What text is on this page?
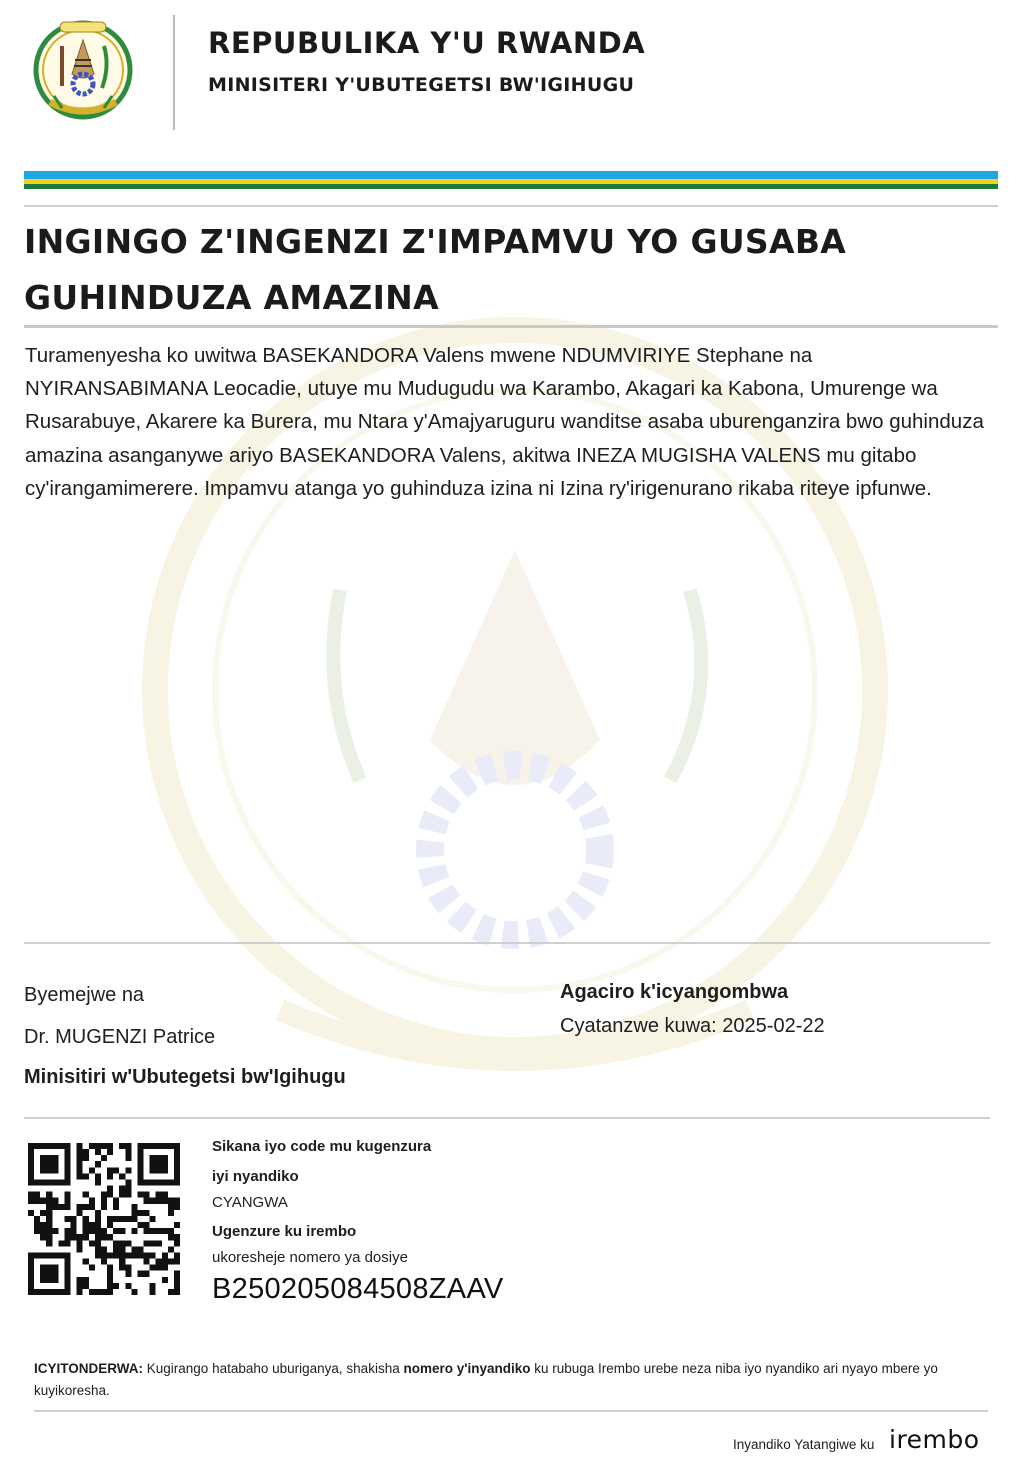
REPUBULIKA Y'U RWANDA
MINISITERI Y'UBUTEGETSI BW'IGIHUGU
INGINGO Z'INGENZI Z'IMPAMVU YO GUSABA GUHINDUZA AMAZINA
Turamenyesha ko uwitwa BASEKANDORA Valens mwene NDUMVIRIYE Stephane na NYIRANSABIMANA Leocadie, utuye mu Mudugudu wa Karambo, Akagari ka Kabona, Umurenge wa Rusarabuye, Akarere ka Burera, mu Ntara y'Amajyaruguru wanditse asaba uburenganzira bwo guhinduza amazina asanganywe ariyo BASEKANDORA Valens, akitwa INEZA MUGISHA VALENS mu gitabo cy'irangamimerere. Impamvu atanga yo guhinduza izina ni Izina ry'irigenurano rikaba riteye ipfunwe.
Byemejwe na
Dr. MUGENZI Patrice
Minisitiri w'Ubutegetsi bw'Igihugu
Agaciro k'icyangombwa
Cyatanzwe kuwa: 2025-02-22
Sikana iyo code mu kugenzura
iyi nyandiko
CYANGWA
Ugenzure ku irembo
ukoresheje nomero ya dosiye
B250205084508ZAAV
ICYITONDERWA: Kugirango hatabaho uburiganya, shakisha nomero y'inyandiko ku rubuga Irembo urebe neza niba iyo nyandiko ari nyayo mbere yo kuyikoresha.
Inyandiko Yatangiwe ku irembo
